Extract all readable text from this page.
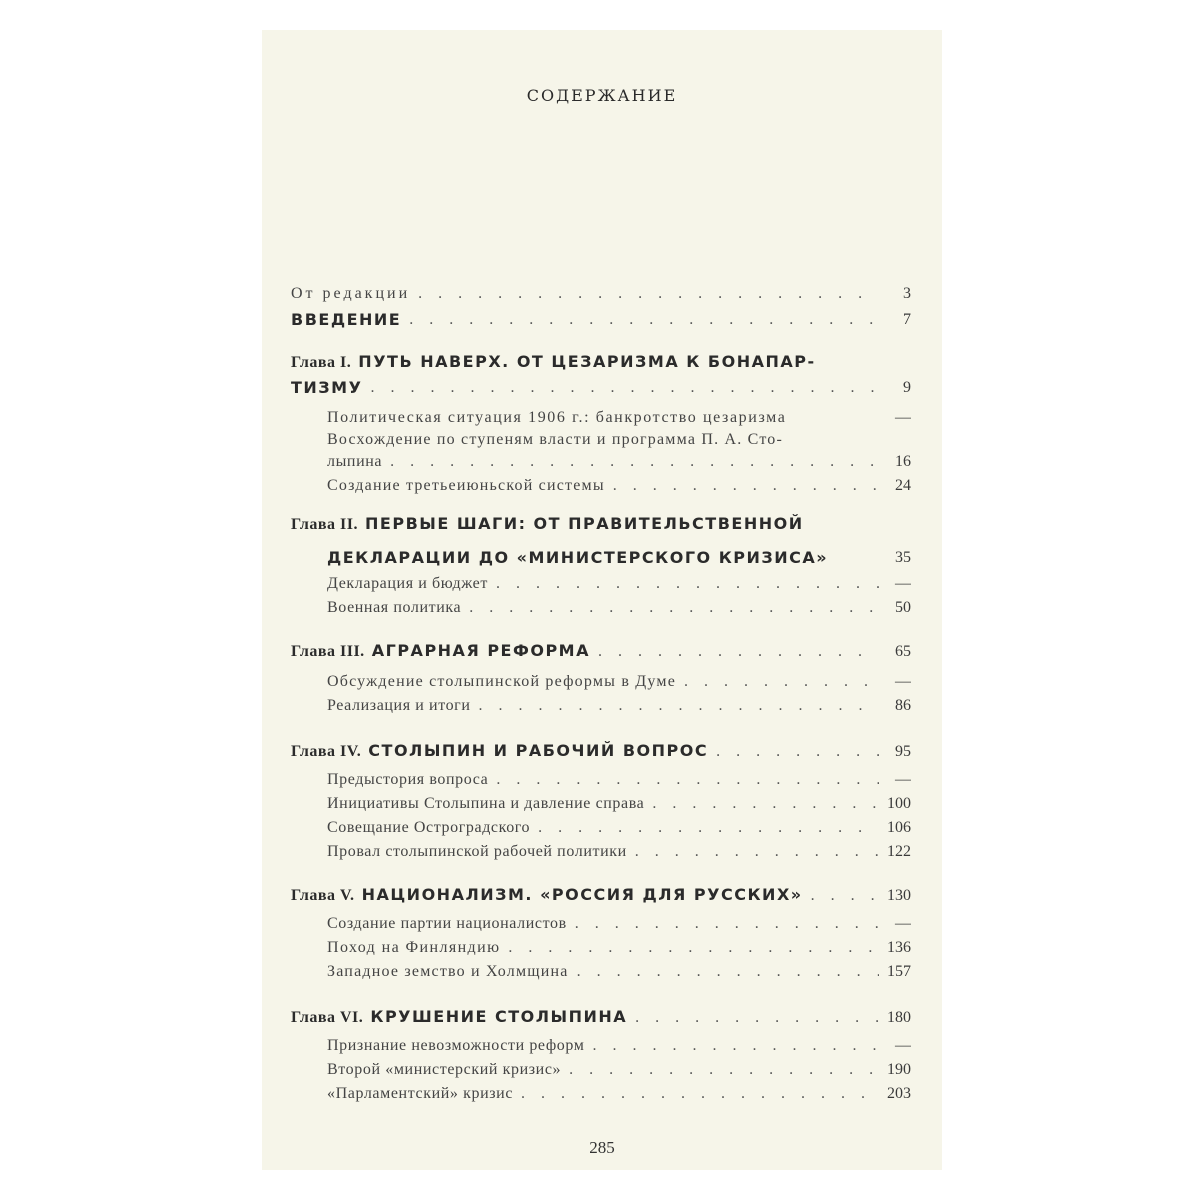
СОДЕРЖАНИЕ
От редакции . . .	3
ВВЕДЕНИЕ . . .	7
Глава I. ПУТЬ НАВЕРХ. ОТ ЦЕЗАРИЗМА К БОНАПАР-
ТИЗМУ . . .	9
Политическая ситуация 1906 г.: банкротство цезаризма	—
Восхождение по ступеням власти и программа П. А. Сто-
лыпина . . .	16
Создание третьеиюньской системы . . .	24
Глава II. ПЕРВЫЕ ШАГИ: ОТ ПРАВИТЕЛЬСТВЕННОЙ
ДЕКЛАРАЦИИ ДО «МИНИСТЕРСКОГО КРИЗИСА»	35
Декларация и бюджет . . .	—
Военная политика . . .	50
Глава III. АГРАРНАЯ РЕФОРМА . . .	65
Обсуждение столыпинской реформы в Думе . . .	—
Реализация и итоги . . .	86
Глава IV. СТОЛЫПИН И РАБОЧИЙ ВОПРОС . . .	95
Предыстория вопроса . . .	—
Инициативы Столыпина и давление справа . . .	100
Совещание Остроградского . . .	106
Провал столыпинской рабочей политики . . .	122
Глава V. НАЦИОНАЛИЗМ. «РОССИЯ ДЛЯ РУССКИХ» . . .	130
Создание партии националистов . . .	—
Поход на Финляндию . . .	136
Западное земство и Холмщина . . .	157
Глава VI. КРУШЕНИЕ СТОЛЫПИНА . . .	180
Признание невозможности реформ . . .	—
Второй «министерский кризис» . . .	190
«Парламентский» кризис . . .	203
285
